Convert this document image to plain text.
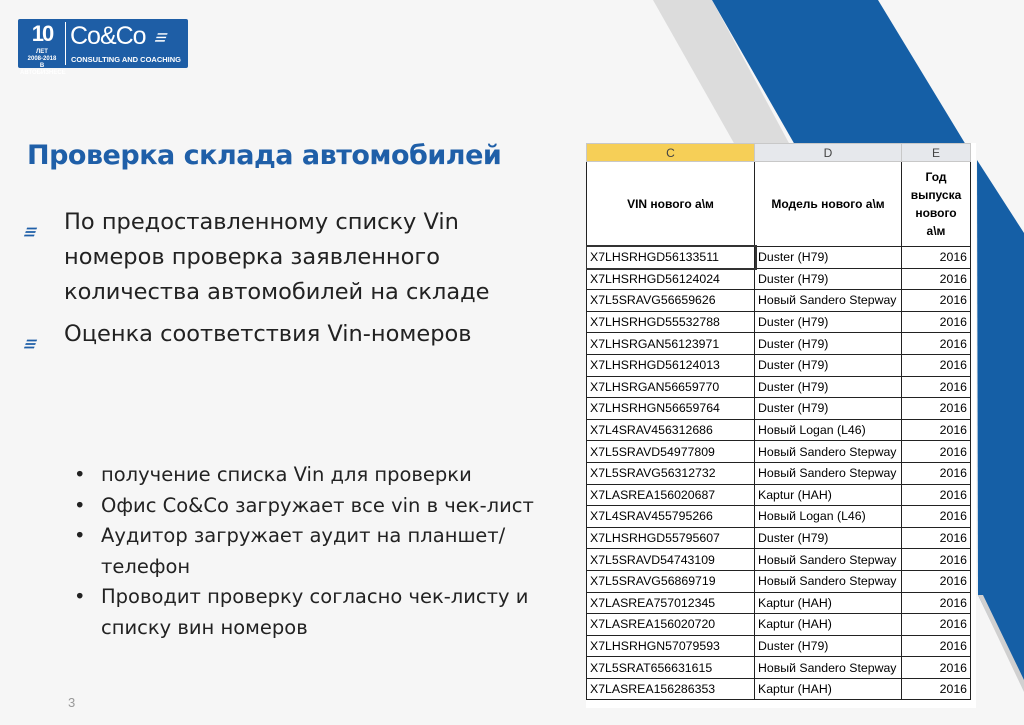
10
ЛЕТ
2008-2018
В АВТОБИЗНЕСЕ
Co&Co ≡
CONSULTING AND COACHING
Проверка склада автомобилей
≡ По предоставленному списку Vin номеров проверка заявленного количества автомобилей на складе
≡ Оценка соответствия Vin-номеров
• получение списка Vin для проверки
• Офис Co&Co загружает все vin в чек-лист
• Аудитор загружает аудит на планшет/телефон
• Проводит проверку согласно чек-листу и списку вин номеров
3
C	D	E
VIN нового а\м	Модель нового а\м	Год выпуска нового а\м
X7LHSRHGD56133511	Duster (H79)	2016
X7LHSRHGD56124024	Duster (H79)	2016
X7L5SRAVG56659626	Новый Sandero Stepway	2016
X7LHSRHGD55532788	Duster (H79)	2016
X7LHSRGAN56123971	Duster (H79)	2016
X7LHSRHGD56124013	Duster (H79)	2016
X7LHSRGAN56659770	Duster (H79)	2016
X7LHSRHGN56659764	Duster (H79)	2016
X7L4SRAV456312686	Новый Logan (L46)	2016
X7L5SRAVD54977809	Новый Sandero Stepway	2016
X7L5SRAVG56312732	Новый Sandero Stepway	2016
X7LASREA156020687	Kaptur (HAH)	2016
X7L4SRAV455795266	Новый Logan (L46)	2016
X7LHSRHGD55795607	Duster (H79)	2016
X7L5SRAVD54743109	Новый Sandero Stepway	2016
X7L5SRAVG56869719	Новый Sandero Stepway	2016
X7LASREA757012345	Kaptur (HAH)	2016
X7LASREA156020720	Kaptur (HAH)	2016
X7LHSRHGN57079593	Duster (H79)	2016
X7L5SRAT656631615	Новый Sandero Stepway	2016
X7LASREA156286353	Kaptur (HAH)	2016
